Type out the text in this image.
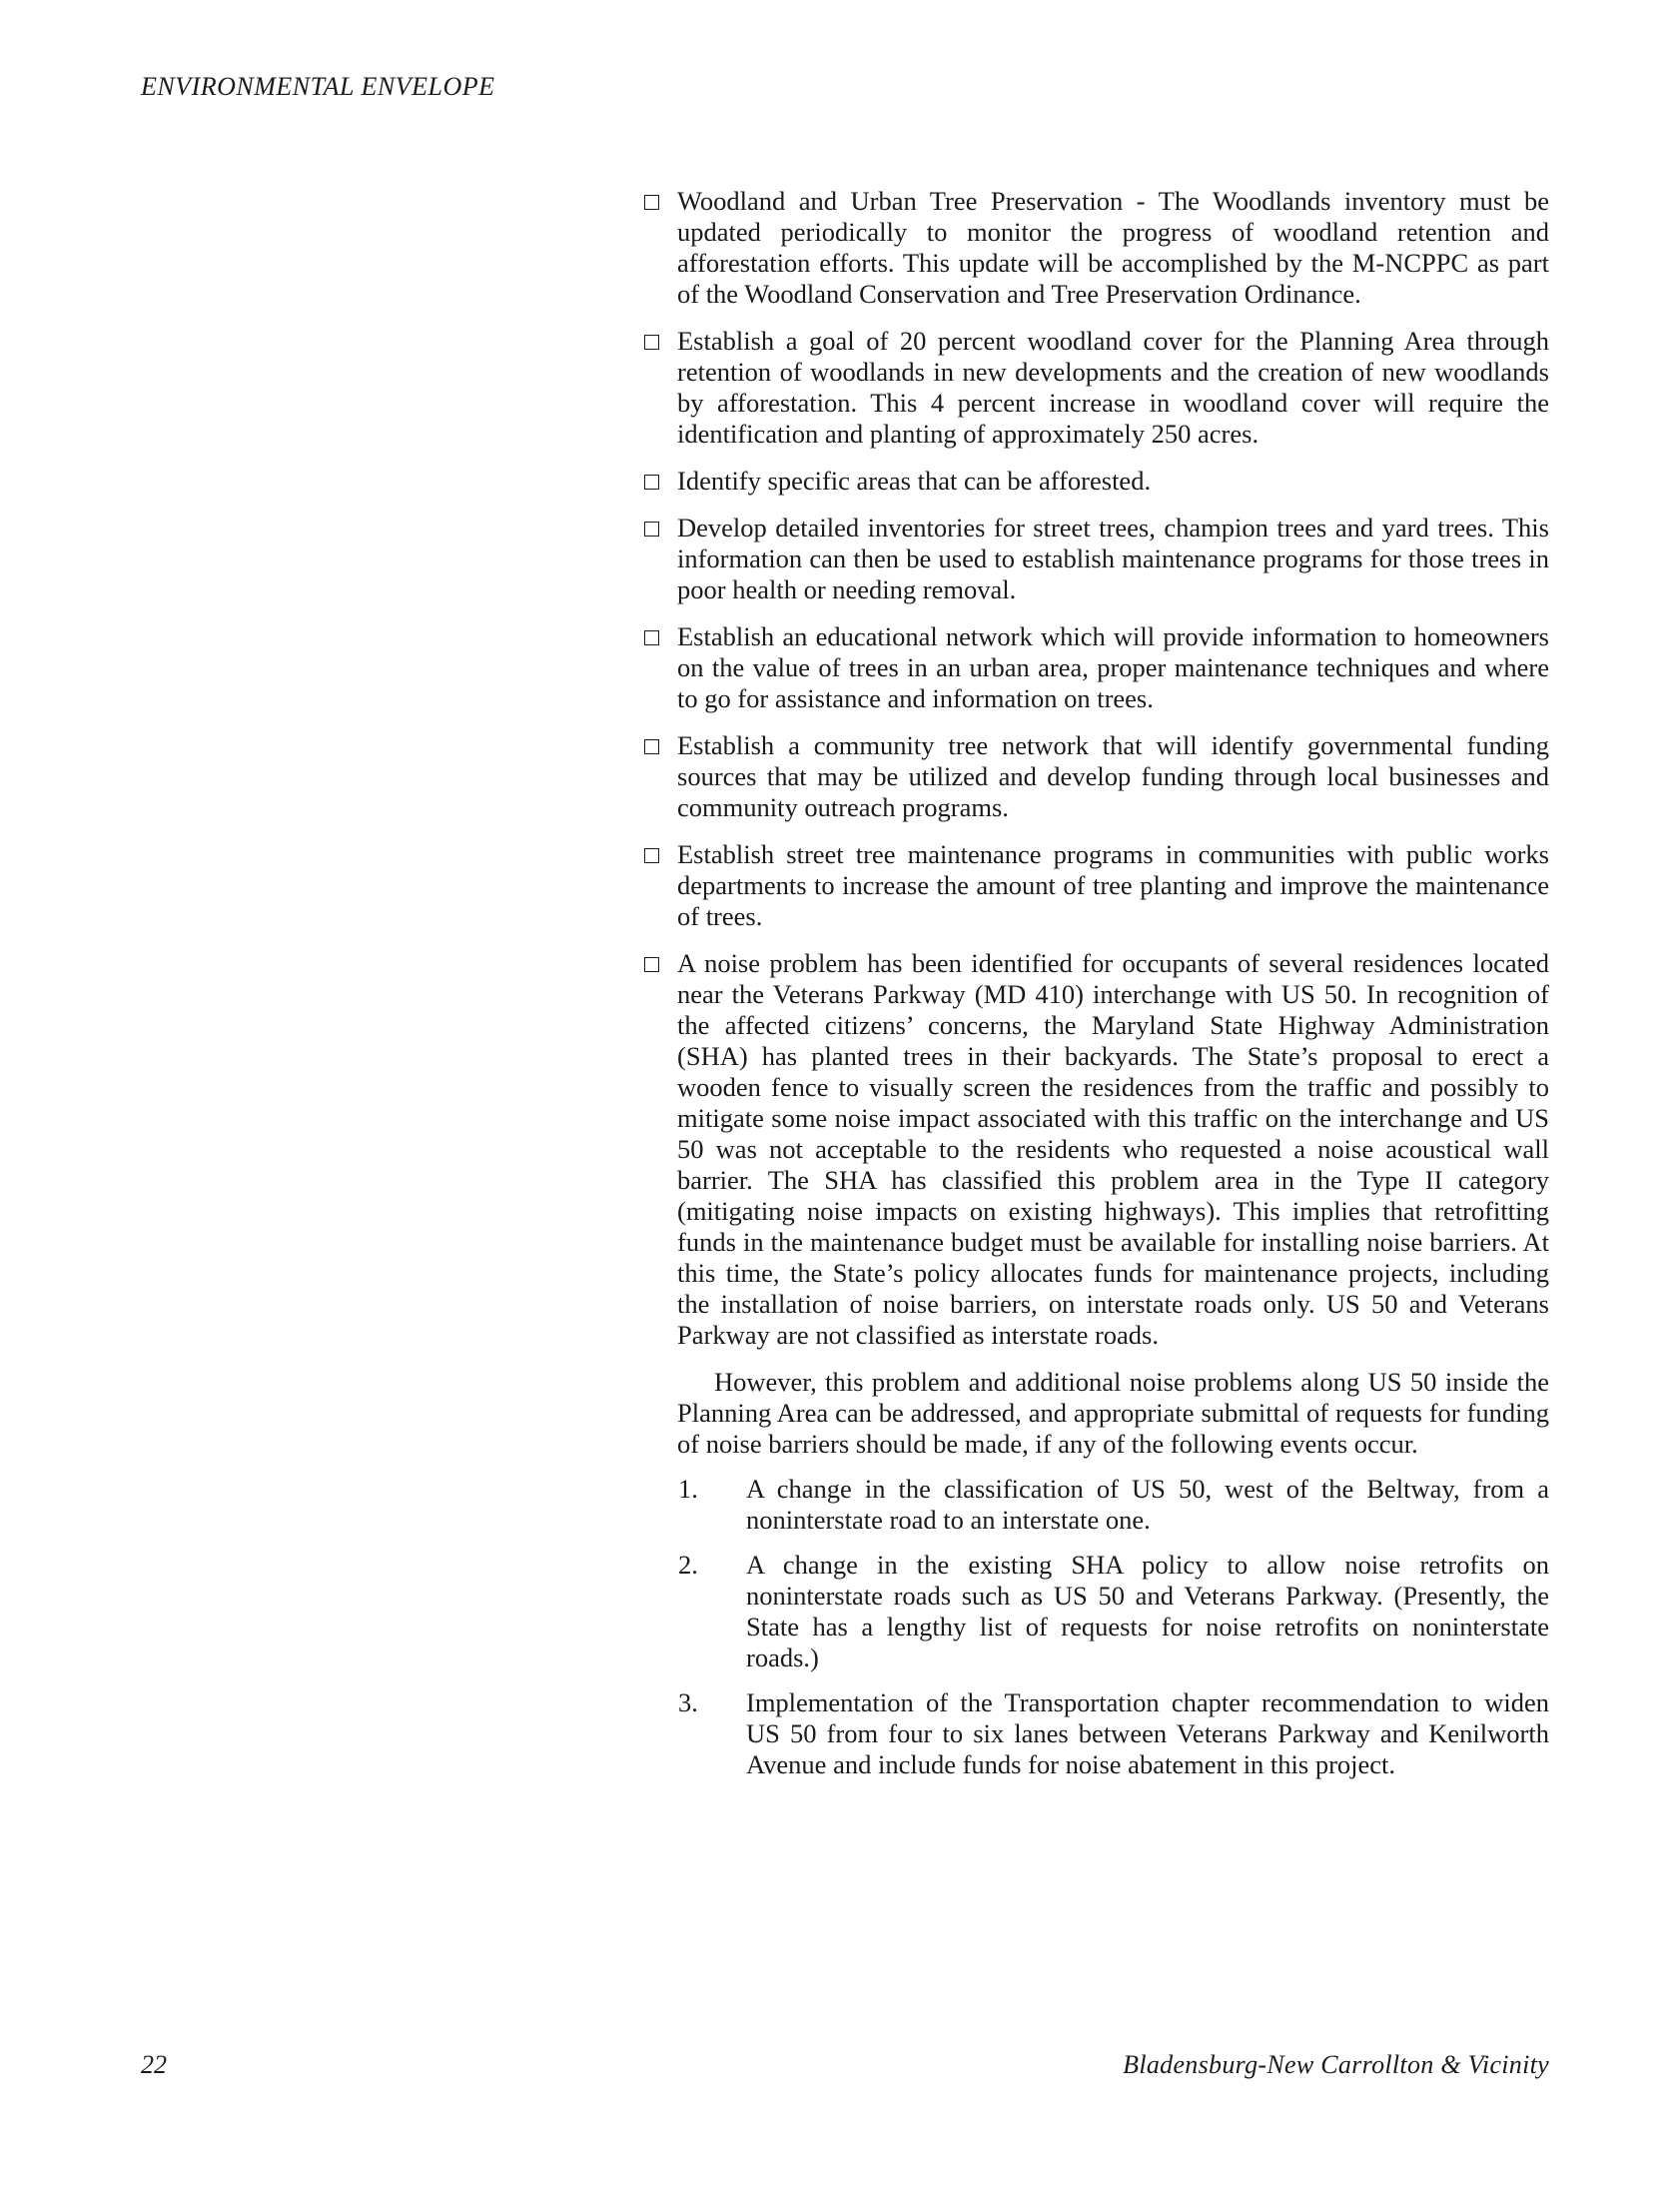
ENVIRONMENTAL ENVELOPE
Woodland and Urban Tree Preservation - The Woodlands inventory must be updated periodically to monitor the progress of woodland retention and afforestation efforts. This update will be accomplished by the M-NCPPC as part of the Woodland Conservation and Tree Preservation Ordinance.
Establish a goal of 20 percent woodland cover for the Planning Area through retention of woodlands in new developments and the creation of new woodlands by afforestation. This 4 percent increase in woodland cover will require the identification and planting of approximately 250 acres.
Identify specific areas that can be afforested.
Develop detailed inventories for street trees, champion trees and yard trees. This information can then be used to establish maintenance programs for those trees in poor health or needing removal.
Establish an educational network which will provide information to homeowners on the value of trees in an urban area, proper maintenance techniques and where to go for assistance and information on trees.
Establish a community tree network that will identify governmental funding sources that may be utilized and develop funding through local businesses and community outreach programs.
Establish street tree maintenance programs in communities with public works departments to increase the amount of tree planting and improve the maintenance of trees.
A noise problem has been identified for occupants of several residences located near the Veterans Parkway (MD 410) interchange with US 50. In recognition of the affected citizens’ concerns, the Maryland State Highway Administration (SHA) has planted trees in their backyards. The State’s proposal to erect a wooden fence to visually screen the residences from the traffic and possibly to mitigate some noise impact associated with this traffic on the interchange and US 50 was not acceptable to the residents who requested a noise acoustical wall barrier. The SHA has classified this problem area in the Type II category (mitigating noise impacts on existing highways). This implies that retrofitting funds in the maintenance budget must be available for installing noise barriers. At this time, the State’s policy allocates funds for maintenance projects, including the installation of noise barriers, on interstate roads only. US 50 and Veterans Parkway are not classified as interstate roads.

However, this problem and additional noise problems along US 50 inside the Planning Area can be addressed, and appropriate submittal of requests for funding of noise barriers should be made, if any of the following events occur.

1. A change in the classification of US 50, west of the Beltway, from a noninterstate road to an interstate one.
2. A change in the existing SHA policy to allow noise retrofits on noninterstate roads such as US 50 and Veterans Parkway. (Presently, the State has a lengthy list of requests for noise retrofits on noninterstate roads.)
3. Implementation of the Transportation chapter recommendation to widen US 50 from four to six lanes between Veterans Parkway and Kenilworth Avenue and include funds for noise abatement in this project.
22	Bladensburg-New Carrollton & Vicinity
